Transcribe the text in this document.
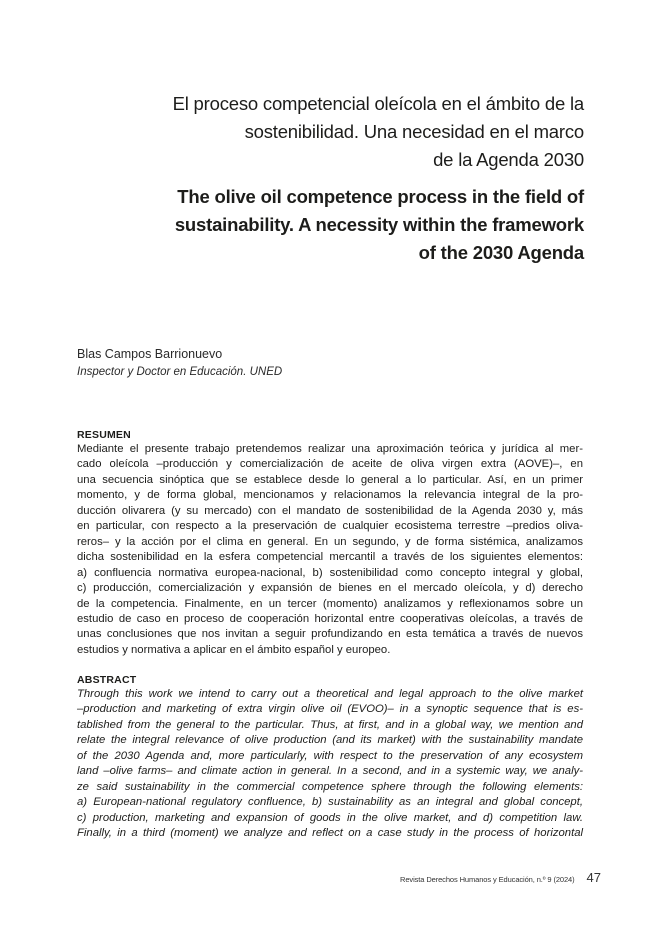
El proceso competencial oleícola en el ámbito de la
sostenibilidad. Una necesidad en el marco
de la Agenda 2030
The olive oil competence process in the field of
sustainability. A necessity within the framework
of the 2030 Agenda
Blas Campos Barrionuevo
Inspector y Doctor en Educación. UNED
RESUMEN
Mediante el presente trabajo pretendemos realizar una aproximación teórica y jurídica al mer-
cado oleícola –producción y comercialización de aceite de oliva virgen extra (AOVE)–, en
una secuencia sinóptica que se establece desde lo general a lo particular. Así, en un primer
momento, y de forma global, mencionamos y relacionamos la relevancia integral de la pro-
ducción olivarera (y su mercado) con el mandato de sostenibilidad de la Agenda 2030 y, más
en particular, con respecto a la preservación de cualquier ecosistema terrestre –predios oliva-
reros– y la acción por el clima en general. En un segundo, y de forma sistémica, analizamos
dicha sostenibilidad en la esfera competencial mercantil a través de los siguientes elementos:
a) confluencia normativa europea-nacional, b) sostenibilidad como concepto integral y global,
c) producción, comercialización y expansión de bienes en el mercado oleícola, y d) derecho
de la competencia. Finalmente, en un tercer (momento) analizamos y reflexionamos sobre un
estudio de caso en proceso de cooperación horizontal entre cooperativas oleícolas, a través de
unas conclusiones que nos invitan a seguir profundizando en esta temática a través de nuevos
estudios y normativa a aplicar en el ámbito español y europeo.
ABSTRACT
Through this work we intend to carry out a theoretical and legal approach to the olive market
–production and marketing of extra virgin olive oil (EVOO)– in a synoptic sequence that is es-
tablished from the general to the particular. Thus, at first, and in a global way, we mention and
relate the integral relevance of olive production (and its market) with the sustainability mandate
of the 2030 Agenda and, more particularly, with respect to the preservation of any ecosystem
land –olive farms– and climate action in general. In a second, and in a systemic way, we analy-
ze said sustainability in the commercial competence sphere through the following elements:
a) European-national regulatory confluence, b) sustainability as an integral and global concept,
c) production, marketing and expansion of goods in the olive market, and d) competition law.
Finally, in a third (moment) we analyze and reflect on a case study in the process of horizontal
Revista Derechos Humanos y Educación, n.º 9 (2024) 47
